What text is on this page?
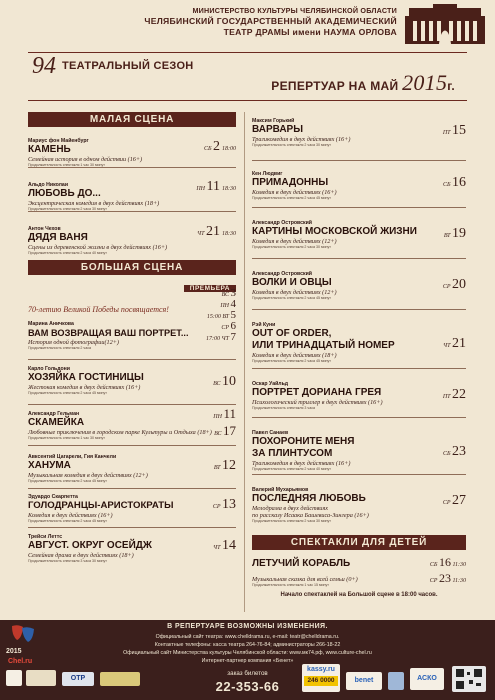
МИНИСТЕРСТВО КУЛЬТУРЫ ЧЕЛЯБИНСКОЙ ОБЛАСТИ
ЧЕЛЯБИНСКИЙ ГОСУДАРСТВЕННЫЙ АКАДЕМИЧЕСКИЙ
ТЕАТР ДРАМЫ имени НАУМА ОРЛОВА
94 $^{ТЕАТРАЛЬНЫЙ СЕЗОН}$
РЕПЕРТУАР НА МАЙ 2015г.
МАЛАЯ СЦЕНА
Мариус фон Майенбург
КАМЕНЬ
Семейная история в одном действии (16+)
Продолжительность спектакля 1 час 30 минут
СБ 2 18:00
Альдо Николаи
ЛЮБОВЬ ДО...
Эксцентрическая комедия в двух действиях (18+)
Продолжительность спектакля 2 часа 30 минут
ПН 11 18:30
Антон Чехов
ДЯДЯ ВАНЯ
Сцены из деревенской жизни в двух действиях (16+)
Продолжительность спектакля 2 часа 40 минут
ЧТ 21 18:30
БОЛЬШАЯ СЦЕНА
ПРЕМЬЕРА
70-летию Великой Победы посвящается!
Марина Аничкова
ВАМ ВОЗВРАЩАЯ ВАШ ПОРТРЕТ...
История одной фотографии(12+)
Продолжительность спектакля 2 часа
ВС 3
ПН 4
15:00 ВТ 5
СР 6
17:00 ЧТ 7
Карло Гольдони
ХОЗЯЙКА ГОСТИНИЦЫ
Жестокая комедия в двух действиях (16+)
Продолжительность спектакля 2 часа 45 минут
ВС 10
Александр Гельман
СКАМЕЙКА
Любовные приключения в городском парке Культуры и Отдыха (18+)
Продолжительность спектакля 1 час 30 минут
ПН 11
ВС 17
Авксентий Цагарели, Гия Канчели
ХАНУМА
Музыкальная комедия в двух действиях (12+)
Продолжительность спектакля 2 часа 45 минут
ВТ 12
Эдуардо Скарпетта
ГОЛОДРАНЦЫ-АРИСТОКРАТЫ
Комедия в двух действиях (16+)
Продолжительность спектакля 2 часа 45 минут
СР 13
Трейси Леттс
АВГУСТ. ОКРУГ ОСЕЙДЖ
Семейная драма в двух действиях (18+)
Продолжительность спектакля 3 часа 30 минут
ЧТ 14
Максим Горький
ВАРВАРЫ
Трагикомедия в двух действиях (16+)
Продолжительность спектакля 2 часа 30 минут
ПТ 15
Кен Людвиг
ПРИМАДОННЫ
Комедия в двух действиях (16+)
Продолжительность спектакля 2 часа 45 минут
СБ 16
Александр Островский
КАРТИНЫ МОСКОВСКОЙ ЖИЗНИ
Комедия в двух действиях (12+)
Продолжительность спектакля 2 часа 30 минут
ВТ 19
Александр Островский
ВОЛКИ И ОВЦЫ
Комедия в двух действиях (12+)
Продолжительность спектакля 2 часа 45 минут
СР 20
Рэй Куни
OUT OF ORDER,
ИЛИ ТРИНАДЦАТЫЙ НОМЕР
Комедия в двух действиях (18+)
Продолжительность спектакля 2 часа 45 минут
ЧТ 21
Оскар Уайльд
ПОРТРЕТ ДОРИАНА ГРЕЯ
Психологический триллер в двух действиях (16+)
Продолжительность спектакля 3 часа
ПТ 22
Павел Санаев
ПОХОРОНИТЕ МЕНЯ
ЗА ПЛИНТУСОМ
Трагикомедия в двух действиях (16+)
Продолжительность спектакля 2 часа 40 минут
СБ 23
Валерий Мухарьямов
ПОСЛЕДНЯЯ ЛЮБОВЬ
Мелодрама в двух действиях
по рассказу Исаака Башевиса-Зингера (16+)
Продолжительность спектакля 2 часа 30 минут
СР 27
СПЕКТАКЛИ ДЛЯ ДЕТЕЙ
ЛЕТУЧИЙ КОРАБЛЬ
Музыкальная сказка для всей семьи (0+)
Продолжительность спектакля 1 час 15 минут
СБ 16 11:30
СР 23 11:30
Начало спектаклей на Большой сцене в 18:00 часов.
В РЕПЕРТУАРЕ ВОЗМОЖНЫ ИЗМЕНЕНИЯ.
Официальный сайт театра: www.chelldrama.ru, e-mail: teatr@chelldrama.ru.
Контактные телефоны: касса театра 264-76-84; администраторы 266-18-22
Официальный сайт Министерства культуры Челябинской области: www.мк74.рф, www.culture-chel.ru
Интернет-партнер компания «Бенет»
заказ билетов
22-353-66
2015
Chel.ru
OTP
kassy.ru
246 0000	benet	АСКО
